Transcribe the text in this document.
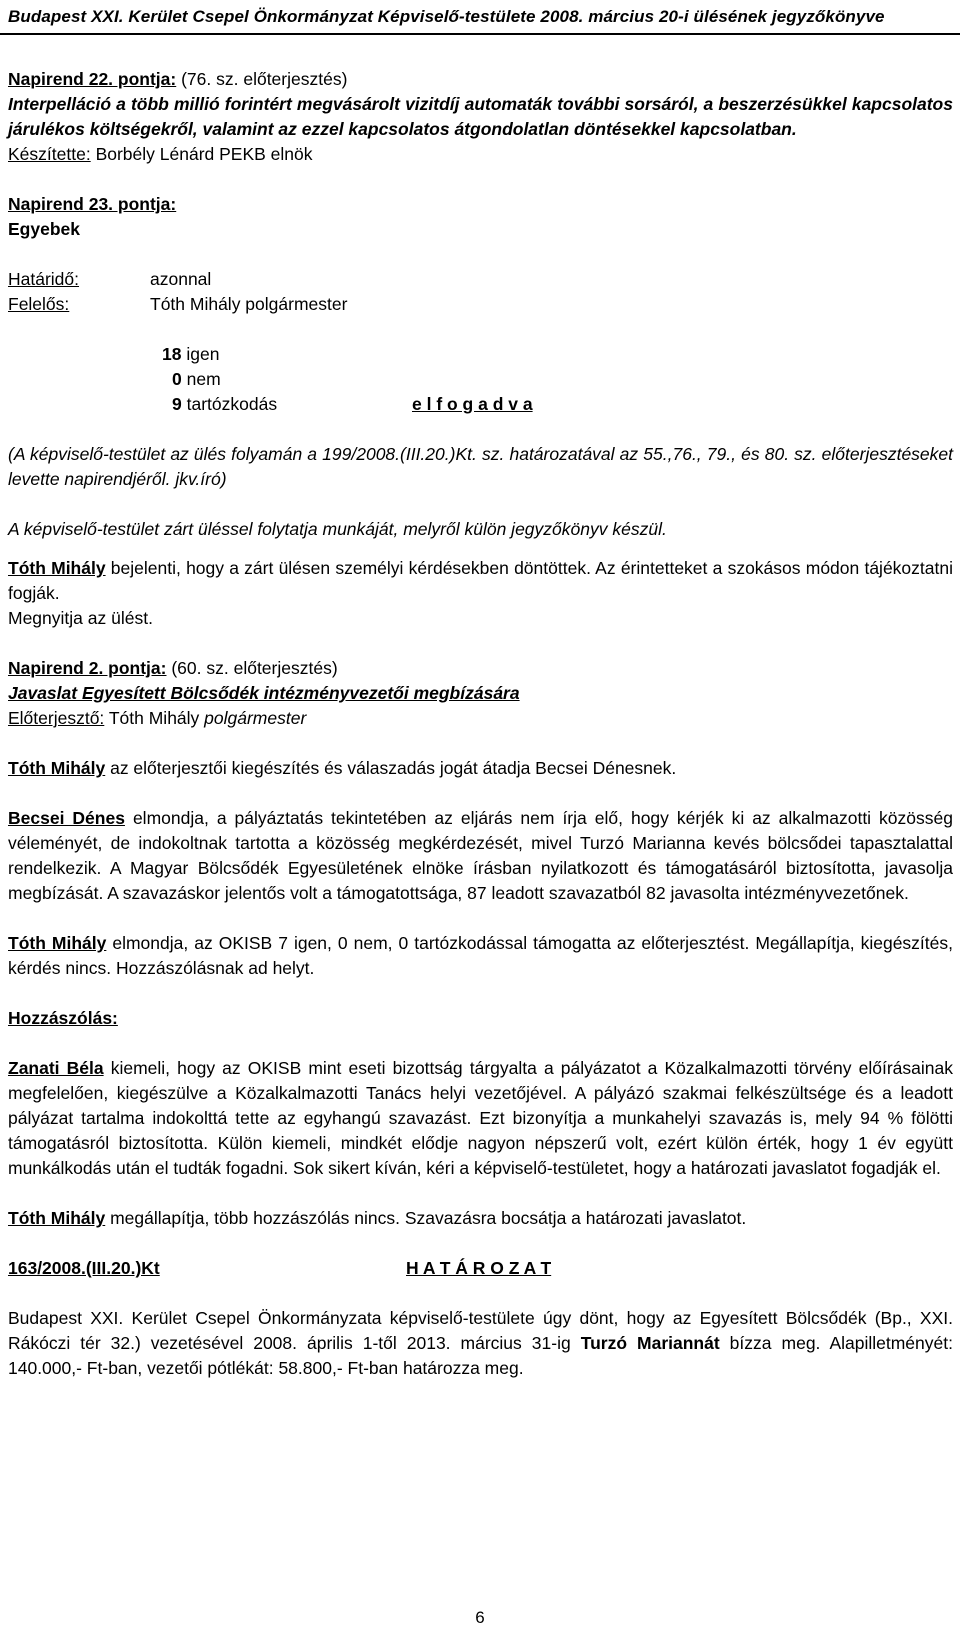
Budapest XXI. Kerület Csepel Önkormányzat Képviselő-testülete 2008. március 20-i ülésének jegyzőkönyve

Napirend 22. pontja: (76. sz. előterjesztés)

Interpelláció a több millió forintért megvásárolt vizitdíj automaták további sorsáról, a beszerzésükkel kapcsolatos járulékos költségekről, valamint az ezzel kapcsolatos átgondolatlan döntésekkel kapcsolatban.

Készítette: Borbély Lénárd PEKB elnök

Napirend 23. pontja:

Egyebek

Határidő:	azonnal
Felelős:	Tóth Mihály polgármester
18 igen
0 nem
9 tartózkodás	e l f o g a d v a

(A képviselő-testület az ülés folyamán a 199/2008.(III.20.)Kt. sz. határozatával az 55.,76., 79., és 80. sz. előterjesztéseket levette napirendjéről. jkv.író)

A képviselő-testület zárt üléssel folytatja munkáját, melyről külön jegyzőkönyv készül.

Tóth Mihály bejelenti, hogy a zárt ülésen személyi kérdésekben döntöttek. Az érintetteket a szokásos módon tájékoztatni fogják.

Megnyitja az ülést.

Napirend 2. pontja: (60. sz. előterjesztés)

Javaslat Egyesített Bölcsődék intézményvezetői megbízására

Előterjesztő: Tóth Mihály polgármester

Tóth Mihály az előterjesztői kiegészítés és válaszadás jogát átadja Becsei Dénesnek.

Becsei Dénes elmondja, a pályáztatás tekintetében az eljárás nem írja elő, hogy kérjék ki az alkalmazotti közösség véleményét, de indokoltnak tartotta a közösség megkérdezését, mivel Turzó Marianna kevés bölcsődei tapasztalattal rendelkezik. A Magyar Bölcsődék Egyesületének elnöke írásban nyilatkozott és támogatásáról biztosította, javasolja megbízását. A szavazáskor jelentős volt a támogatottsága, 87 leadott szavazatból 82 javasolta intézményvezetőnek.

Tóth Mihály elmondja, az OKISB 7 igen, 0 nem, 0 tartózkodással támogatta az előterjesztést. Megállapítja, kiegészítés, kérdés nincs. Hozzászólásnak ad helyt.

Hozzászólás:

Zanati Béla kiemeli, hogy az OKISB mint eseti bizottság tárgyalta a pályázatot a Közalkalmazotti törvény előírásainak megfelelően, kiegészülve a Közalkalmazotti Tanács helyi vezetőjével. A pályázó szakmai felkészültsége és a leadott pályázat tartalma indokolttá tette az egyhangú szavazást. Ezt bizonyítja a munkahelyi szavazás is, mely 94 % fölötti támogatásról biztosította. Külön kiemeli, mindkét elődje nagyon népszerű volt, ezért külön érték, hogy 1 év együtt munkálkodás után el tudták fogadni. Sok sikert kíván, kéri a képviselő-testületet, hogy a határozati javaslatot fogadják el.

Tóth Mihály megállapítja, több hozzászólás nincs. Szavazásra bocsátja a határozati javaslatot.

163/2008.(III.20.)Kt	H A T Á R O Z A T

Budapest XXI. Kerület Csepel Önkormányzata képviselő-testülete úgy dönt, hogy az Egyesített Bölcsődék (Bp., XXI. Rákóczi tér 32.) vezetésével 2008. április 1-től 2013. március 31-ig Turzó Mariannát bízza meg. Alapilletményét: 140.000,- Ft-ban, vezetői pótlékát: 58.800,- Ft-ban határozza meg.

6
